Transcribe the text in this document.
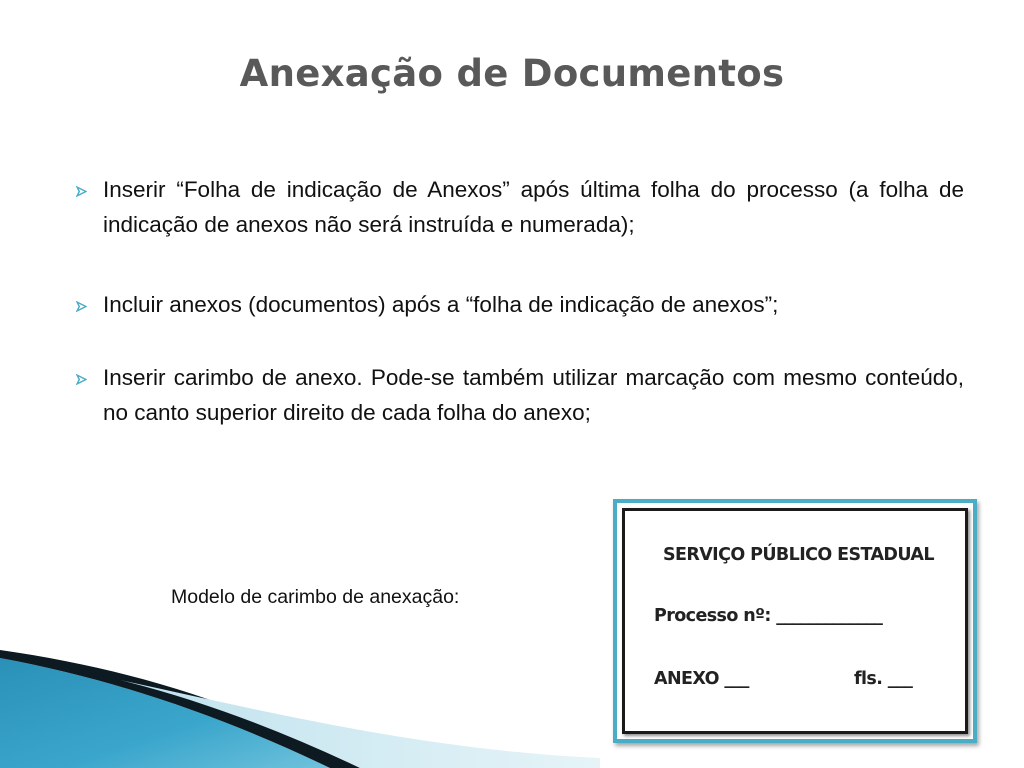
Anexação de Documentos
Inserir “Folha de indicação de Anexos” após última folha do processo (a folha de indicação de anexos não será instruída e numerada);
Incluir anexos (documentos) após a “folha de indicação de anexos”;
Inserir carimbo de anexo. Pode-se também utilizar marcação com mesmo conteúdo, no canto superior direito de cada folha do anexo;
Modelo de carimbo de anexação:
SERVIÇO PÚBLICO ESTADUAL
Processo nº: _____________
ANEXO ___	fls. ___
